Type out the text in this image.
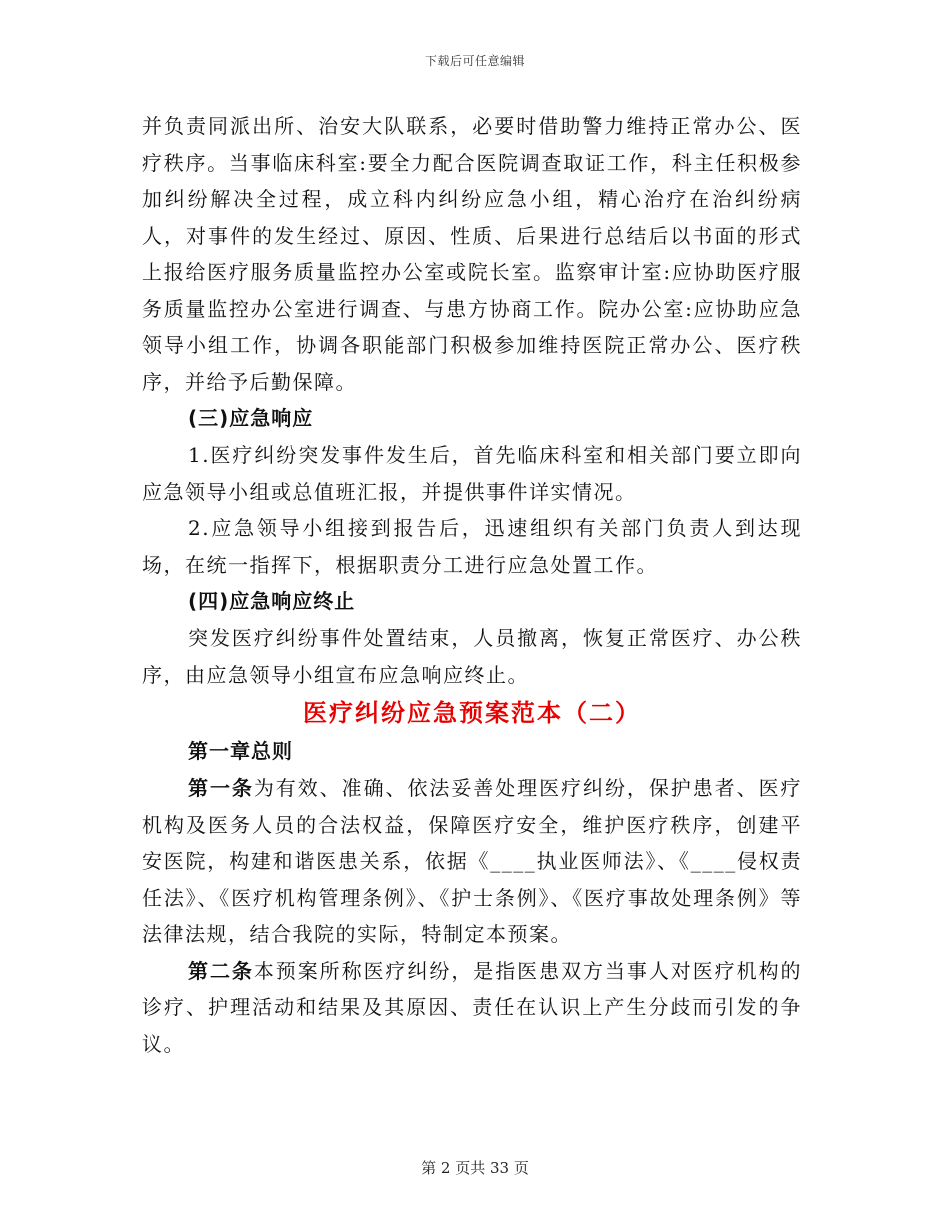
下载后可任意编辑

并负责同派出所、治安大队联系，必要时借助警力维持正常办公、医疗秩序。当事临床科室:要全力配合医院调查取证工作，科主任积极参加纠纷解决全过程，成立科内纠纷应急小组，精心治疗在治纠纷病人，对事件的发生经过、原因、性质、后果进行总结后以书面的形式上报给医疗服务质量监控办公室或院长室。监察审计室:应协助医疗服务质量监控办公室进行调查、与患方协商工作。院办公室:应协助应急领导小组工作，协调各职能部门积极参加维持医院正常办公、医疗秩序，并给予后勤保障。

(三)应急响应

1.医疗纠纷突发事件发生后，首先临床科室和相关部门要立即向应急领导小组或总值班汇报，并提供事件详实情况。

2.应急领导小组接到报告后，迅速组织有关部门负责人到达现场，在统一指挥下，根据职责分工进行应急处置工作。

(四)应急响应终止

突发医疗纠纷事件处置结束，人员撤离，恢复正常医疗、办公秩序，由应急领导小组宣布应急响应终止。

医疗纠纷应急预案范本（二）

第一章总则

第一条为有效、准确、依法妥善处理医疗纠纷，保护患者、医疗机构及医务人员的合法权益，保障医疗安全，维护医疗秩序，创建平安医院，构建和谐医患关系，依据《____执业医师法》、《____侵权责任法》、《医疗机构管理条例》、《护士条例》、《医疗事故处理条例》等法律法规，结合我院的实际，特制定本预案。

第二条本预案所称医疗纠纷，是指医患双方当事人对医疗机构的诊疗、护理活动和结果及其原因、责任在认识上产生分歧而引发的争议。

第 2 页共 33 页
